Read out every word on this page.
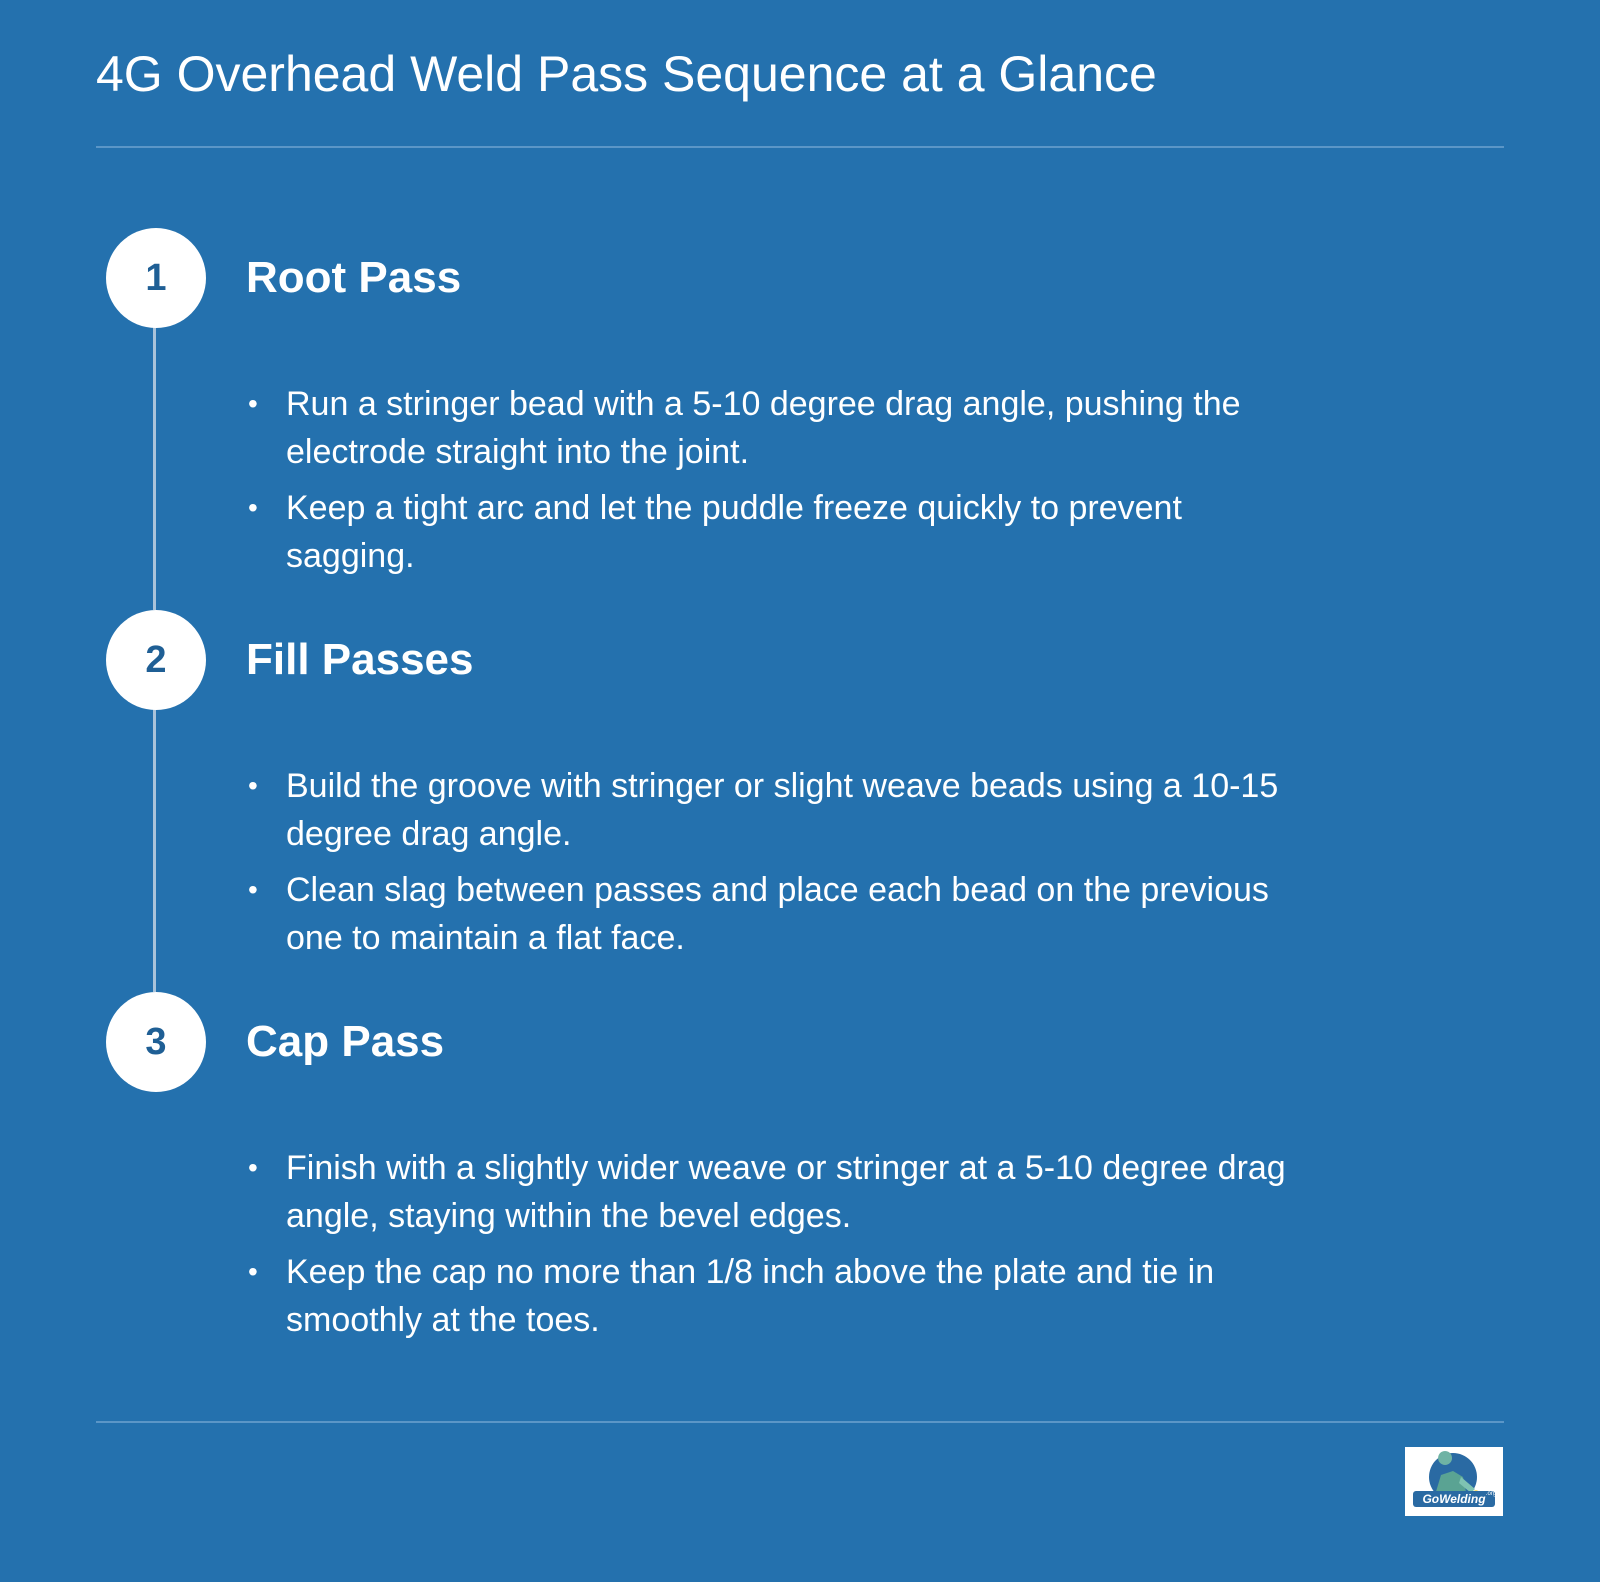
4G Overhead Weld Pass Sequence at a Glance
1	Root Pass
• Run a stringer bead with a 5-10 degree drag angle, pushing the electrode straight into the joint.
• Keep a tight arc and let the puddle freeze quickly to prevent sagging.
2	Fill Passes
• Build the groove with stringer or slight weave beads using a 10-15 degree drag angle.
• Clean slag between passes and place each bead on the previous one to maintain a flat face.
3	Cap Pass
• Finish with a slightly wider weave or stringer at a 5-10 degree drag angle, staying within the bevel edges.
• Keep the cap no more than 1/8 inch above the plate and tie in smoothly at the toes.
GoWelding .org
